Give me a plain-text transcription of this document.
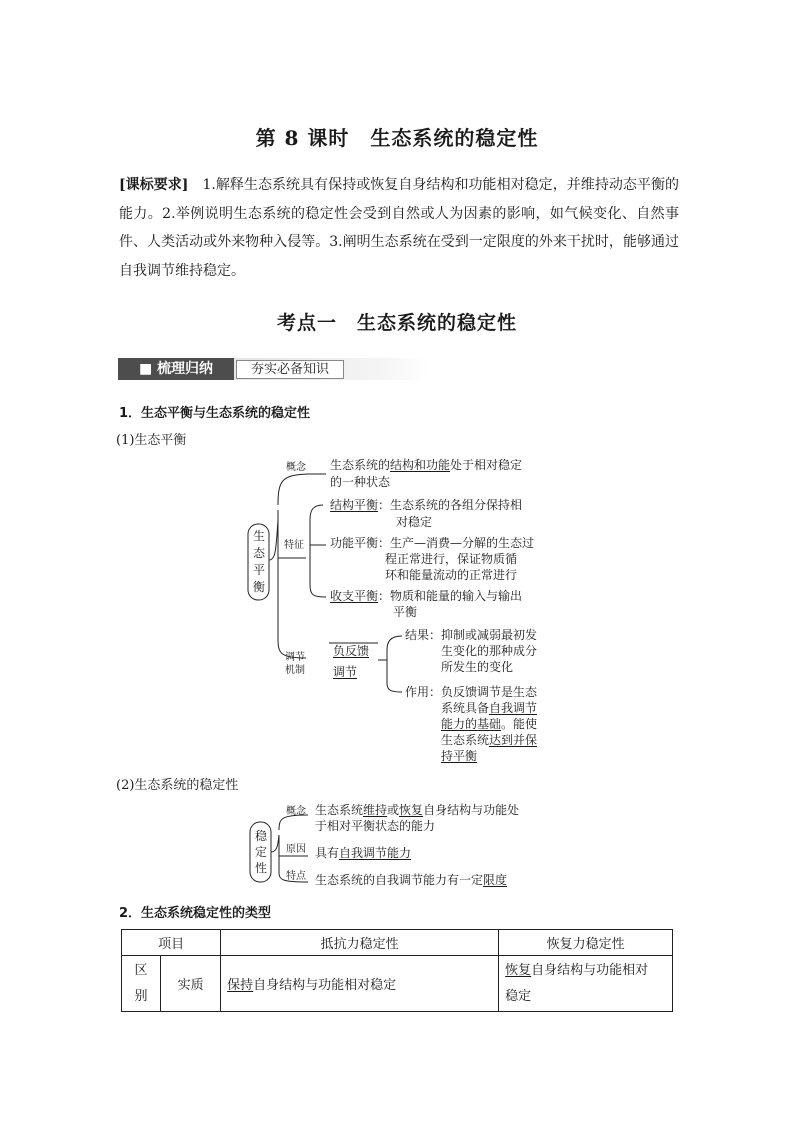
第 8 课时　生态系统的稳定性
[课标要求]　1.解释生态系统具有保持或恢复自身结构和功能相对稳定，并维持动态平衡的能力。2.举例说明生态系统的稳定性会受到自然或人为因素的影响，如气候变化、自然事件、人类活动或外来物种入侵等。3.阐明生态系统在受到一定限度的外来干扰时，能够通过自我调节维持稳定。
考点一　生态系统的稳定性
■ 梳理归纳	夯实必备知识
1．生态平衡与生态系统的稳定性
(1)生态平衡
生
态
平
衡
概念 生态系统的结构和功能处于相对稳定
的一种状态
特征
结构平衡：生态系统的各组分保持相
对稳定
功能平衡：生产—消费—分解的生态过
程正常进行，保证物质循
环和能量流动的正常进行
收支平衡：物质和能量的输入与输出
平衡
调节
机制
负反馈
调节
结果：抑制或减弱最初发
生变化的那种成分
所发生的变化
作用：负反馈调节是生态
系统具备自我调节
能力的基础。能使
生态系统达到并保
持平衡
(2)生态系统的稳定性
稳
定
性
概念 生态系统维持或恢复自身结构与功能处
于相对平衡状态的能力
原因 具有自我调节能力
特点 生态系统的自我调节能力有一定限度
2．生态系统稳定性的类型
项目		抵抗力稳定性	恢复力稳定性
区
别	实质	保持自身结构与功能相对稳定	恢复自身结构与功能相对
稳定
